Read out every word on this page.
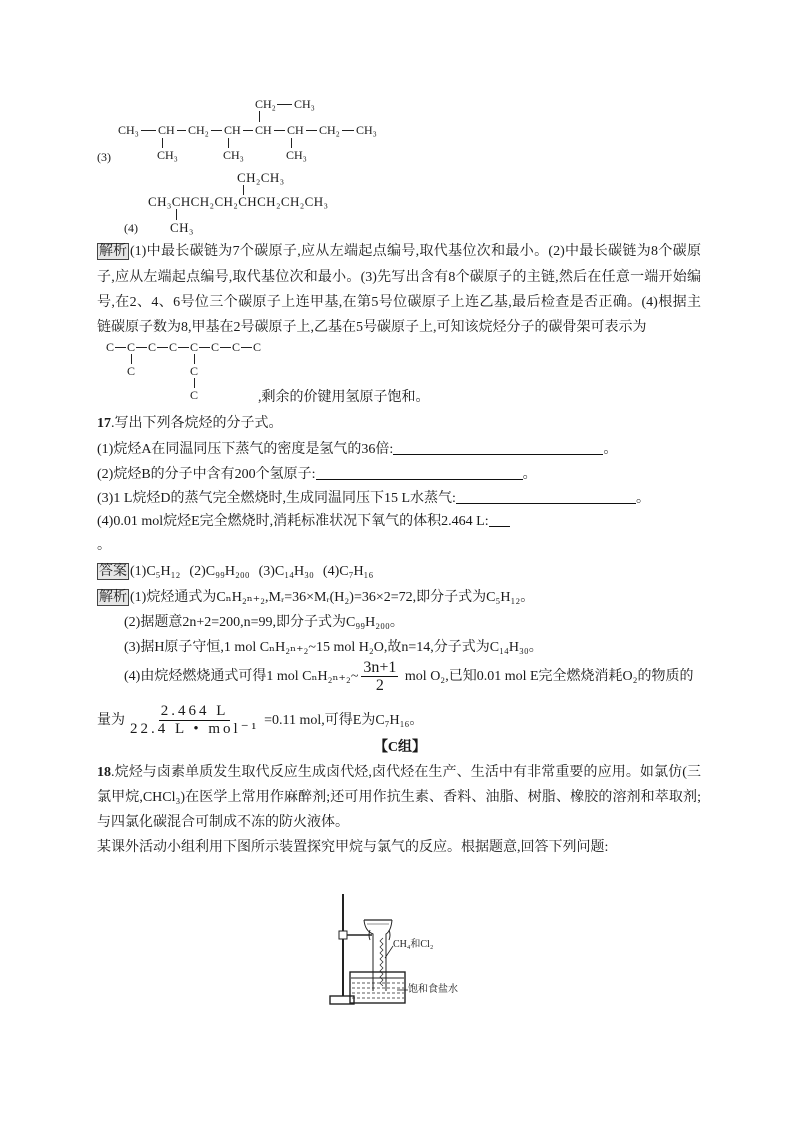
(3)
CH₂ CH₃
CH₃ CH CH₂ CH CH CH CH₂ CH₃
CH₃	CH₃	CH₃
CH₂CH₃
CH₃CHCH₂CH₂CHCH₂CH₂CH₃
(4) CH₃
解析 (1)中最长碳链为7个碳原子,应从左端起点编号,取代基位次和最小。(2)中最长碳链为8个碳原
子,应从左端起点编号,取代基位次和最小。(3)先写出含有8个碳原子的主链,然后在任意一端开始编
号,在2、4、6号位三个碳原子上连甲基,在第5号位碳原子上连乙基,最后检查是否正确。(4)根据主
链碳原子数为8,甲基在2号碳原子上,乙基在5号碳原子上,可知该烷烃分子的碳骨架可表示为
C C C C C C C C
C	C
C	,剩余的价键用氢原子饱和。
17.写出下列各烷烃的分子式。
(1)烷烃A在同温同压下蒸气的密度是氢气的36倍:	。
(2)烷烃B的分子中含有200个氢原子:	。
(3)1 L烷烃D的蒸气完全燃烧时,生成同温同压下15 L水蒸气:	。
(4)0.01 mol烷烃E完全燃烧时,消耗标准状况下氧气的体积2.464 L:
。
答案 (1)C₅H₁₂ (2)C₉₉H₂₀₀ (3)C₁₄H₃₀ (4)C₇H₁₆
解析 (1)烷烃通式为CₙH₂ₙ₊₂,Mᵣ=36×Mᵣ(H₂)=36×2=72,即分子式为C₅H₁₂。
(2)据题意2n+2=200,n=99,即分子式为C₉₉H₂₀₀。
(3)据H原子守恒,1 mol CₙH₂ₙ₊₂~15 mol H₂O,故n=14,分子式为C₁₄H₃₀。
(4)由烷烃燃烧通式可得1 mol CₙH₂ₙ₊₂~ $\frac{3n+1}{2}$ mol O₂,已知0.01 mol E完全燃烧消耗O₂的物质的
量为 $\frac{2.464 L}{\text{22.4 L • mol⁻¹}} =0.11$ mol,可得E为C₇H₁₆。
【C组】
18.烷烃与卤素单质发生取代反应生成卤代烃,卤代烃在生产、生活中有非常重要的应用。如氯仿(三
氯甲烷,CHCl₃)在医学上常用作麻醉剂;还可用作抗生素、香料、油脂、树脂、橡胶的溶剂和萃取剂;
与四氯化碳混合可制成不冻的防火液体。
某课外活动小组利用下图所示装置探究甲烷与氯气的反应。根据题意,回答下列问题:
CH₄和Cl₂
饱和食盐水
